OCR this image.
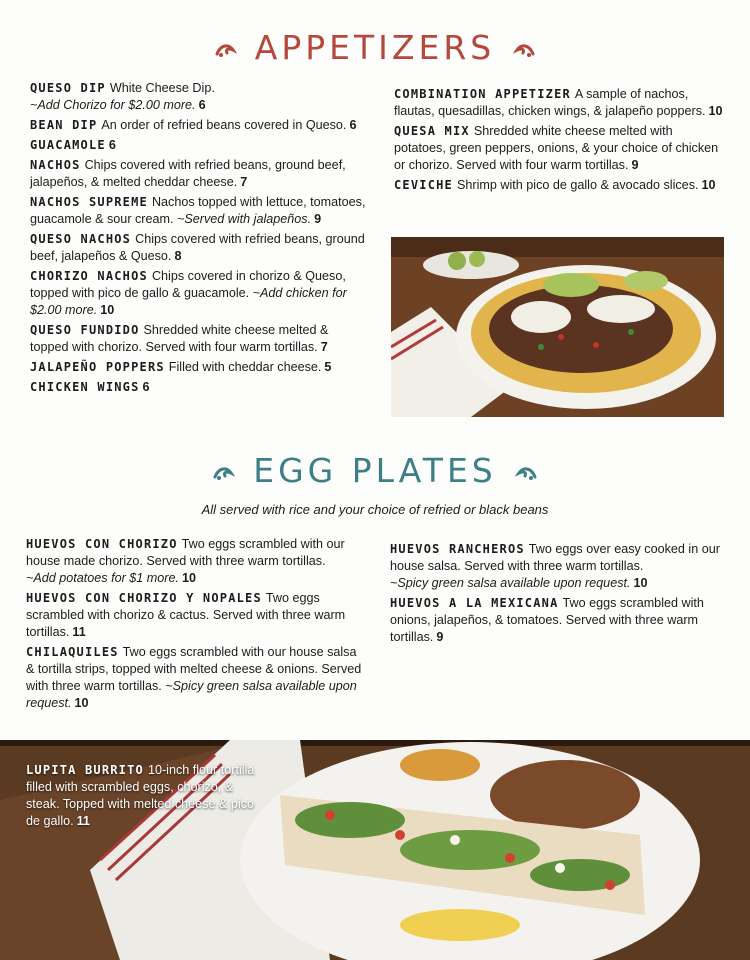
APPETIZERS
QUESO DIP White Cheese Dip.
~Add Chorizo for $2.00 more. 6
BEAN DIP An order of refried beans covered in Queso. 6
GUACAMOLE 6
NACHOS Chips covered with refried beans, ground beef, jalapeños, & melted cheddar cheese. 7
NACHOS SUPREME Nachos topped with lettuce, tomatoes, guacamole & sour cream. ~Served with jalapeños. 9
QUESO NACHOS Chips covered with refried beans, ground beef, jalapeños & Queso. 8
CHORIZO NACHOS Chips covered in chorizo & Queso, topped with pico de gallo & guacamole. ~Add chicken for $2.00 more. 10
QUESO FUNDIDO Shredded white cheese melted & topped with chorizo. Served with four warm tortillas. 7
JALAPEÑO POPPERS Filled with cheddar cheese. 5
CHICKEN WINGS 6
COMBINATION APPETIZER A sample of nachos, flautas, quesadillas, chicken wings, & jalapeño poppers. 10
QUESA MIX Shredded white cheese melted with potatoes, green peppers, onions, & your choice of chicken or chorizo. Served with four warm tortillas. 9
CEVICHE Shrimp with pico de gallo & avocado slices. 10
EGG PLATES
All served with rice and your choice of refried or black beans
HUEVOS CON CHORIZO Two eggs scrambled with our house made chorizo. Served with three warm tortillas.
~Add potatoes for $1 more. 10
HUEVOS CON CHORIZO Y NOPALES Two eggs scrambled with chorizo & cactus. Served with three warm tortillas. 11
CHILAQUILES Two eggs scrambled with our house salsa & tortilla strips, topped with melted cheese & onions. Served with three warm tortillas. ~Spicy green salsa available upon request. 10
HUEVOS RANCHEROS Two eggs over easy cooked in our house salsa. Served with three warm tortillas.
~Spicy green salsa available upon request. 10
HUEVOS A LA MEXICANA Two eggs scrambled with onions, jalapeños, & tomatoes. Served with three warm tortillas. 9
LUPITA BURRITO 10-inch flour tortilla filled with scrambled eggs, chorizo, & steak. Topped with melted cheese & pico de gallo. 11
